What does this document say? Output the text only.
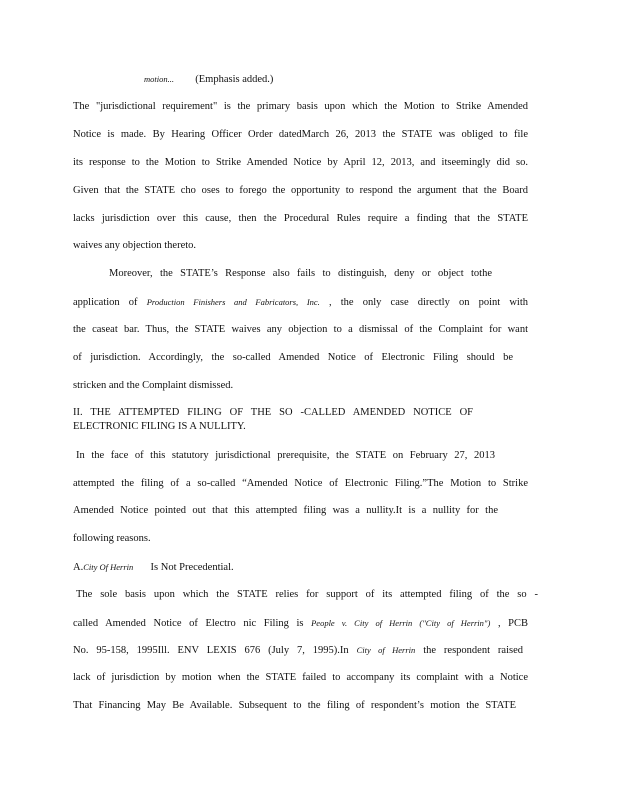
motion... (Emphasis added.)
The "jurisdictional requirement" is the primary basis upon which the Motion to Strike Amended
Notice is made. By Hearing Officer Order datedMarch 26, 2013 the STATE was obliged to file
its response to the Motion to Strike Amended Notice by April 12, 2013, and itseemingly did so.
Given that the STATE cho oses to forego the opportunity to respond the argument that the Board
lacks jurisdiction over this cause, then the Procedural Rules require a finding that the STATE
waives any objection thereto.
Moreover, the STATE’s Response also fails to distinguish, deny or object tothe
application of Production Finishers and Fabricators, Inc. , the only case directly on point with
the caseat bar. Thus, the STATE waives any objection to a dismissal of the Complaint for want
of jurisdiction. Accordingly, the so-called Amended Notice of Electronic Filing should be
stricken and the Complaint dismissed.
II. THE ATTEMPTED FILING OF THE SO -CALLED AMENDED NOTICE OF
ELECTRONIC FILING IS A NULLITY.
In the face of this statutory jurisdictional prerequisite, the STATE on February 27, 2013
attempted the filing of a so-called “Amended Notice of Electronic Filing.”The Motion to Strike
Amended Notice pointed out that this attempted filing was a nullity.It is a nullity for the
following reasons.
A.City Of Herrin Is Not Precedential.
The sole basis upon which the STATE relies for support of its attempted filing of the so -
called Amended Notice of Electro nic Filing is People v. City of Herrin ("City of Herrin") , PCB
No. 95-158, 1995Ill. ENV LEXIS 676 (July 7, 1995).In City of Herrin the respondent raised
lack of jurisdiction by motion when the STATE failed to accompany its complaint with a Notice
That Financing May Be Available. Subsequent to the filing of respondent’s motion the STATE
